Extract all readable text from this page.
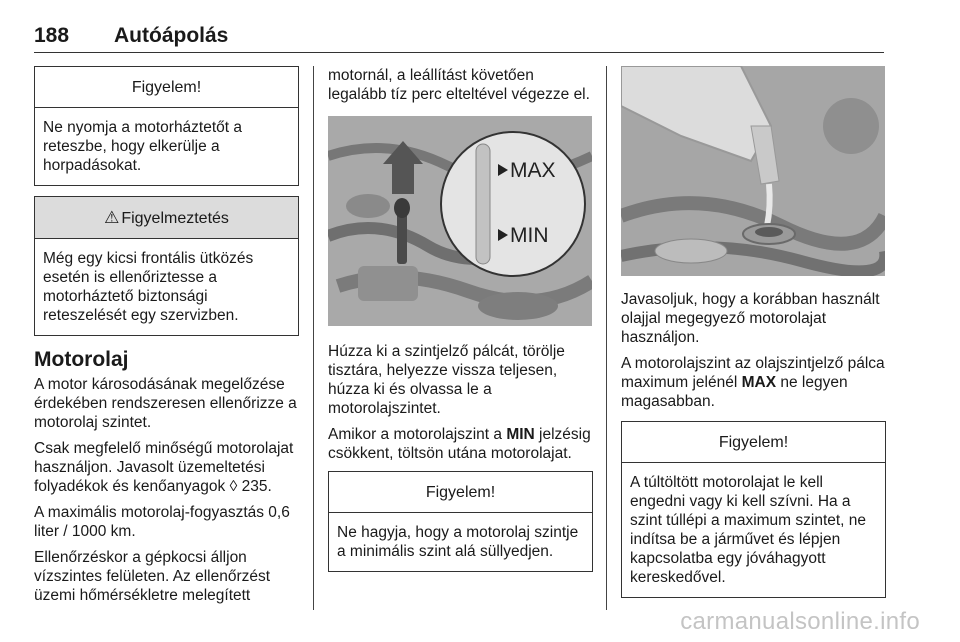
188 Autóápolás
Figyelem!
Ne nyomja a motorháztetőt a reteszbe, hogy elkerülje a horpadásokat.
⚠ Figyelmeztetés
Még egy kicsi frontális ütközés esetén is ellenőriztesse a motorháztető biztonsági reteszelését egy szervizben.
Motorolaj

A motor károsodásának megelőzése érdekében rendszeresen ellenőrizze a motorolaj szintet.

Csak megfelelő minőségű motorolajat használjon. Javasolt üzemeltetési folyadékok és kenőanyagok ◊ 235.

A maximális motorolaj-fogyasztás 0,6 liter / 1000 km.

Ellenőrzéskor a gépkocsi álljon vízszintes felületen. Az ellenőrzést üzemi hőmérsékletre melegített

motornál, a leállítást követően legalább tíz perc elteltével végezze el.

MAX
MIN

Húzza ki a szintjelző pálcát, törölje tisztára, helyezze vissza teljesen, húzza ki és olvassa le a motorolajszintet.

Amikor a motorolajszint a MIN jelzésig csökkent, töltsön utána motorolajat.

Figyelem!
Ne hagyja, hogy a motorolaj szintje a minimális szint alá süllyedjen.

Javasoljuk, hogy a korábban használt olajjal megegyező motorolajat használjon.

A motorolajszint az olajszintjelző pálca maximum jelénél MAX ne legyen magasabban.

Figyelem!
A túltöltött motorolajat le kell engedni vagy ki kell szívni. Ha a szint túllépi a maximum szintet, ne indítsa be a járművet és lépjen kapcsolatba egy jóváhagyott kereskedővel.
carmanualsonline.info
